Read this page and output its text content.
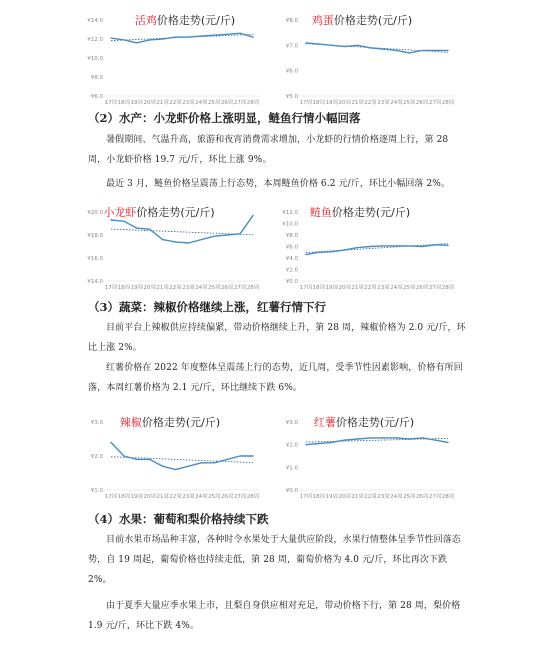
¥6.0
¥8.0
¥10.0
¥12.0
¥14.0
17周 18周 19周 20周 21周 22周 23周 24周 25周 26周 27周 28周
活鸡价格走势(元/斤)
¥5.0
¥6.0
¥7.0
¥8.0
17周 18周 19周 20周 21周 22周 23周 24周 25周 26周 27周 28周
鸡蛋价格走势(元/斤)
（2）水产：小龙虾价格上涨明显，鲢鱼行情小幅回落

暑假期间、气温升高，旅游和夜宵消费需求增加，小龙虾的行情价格逐周上行，第 28 周，小龙虾价格 19.7 元/斤，环比上涨 9%。

最近 3 月，鲢鱼价格呈震荡上行态势，本周鲢鱼价格 6.2 元/斤，环比小幅回落 2%。

¥14.0
¥16.0
¥18.0
¥20.0
17周 18周 19周 20周 21周 22周 23周 24周 25周 26周 27周 28周
小龙虾价格走势(元/斤)
¥0.0
¥2.0
¥4.0
¥6.0
¥8.0
¥10.0
¥12.0
17周 18周 19周 20周 21周 22周 23周 24周 25周 26周 27周 28周
鲢鱼价格走势(元/斤)
（3）蔬菜：辣椒价格继续上涨，红薯行情下行

目前平台上辣椒供应持续偏紧，带动价格继续上升，第 28 周，辣椒价格为 2.0 元/斤，环比上涨 2%。

红薯价格在 2022 年度整体呈震荡上行的态势，近几周，受季节性因素影响，价格有所回落，本周红薯价格为 2.1 元/斤，环比继续下跌 6%。

¥1.0
¥2.0
¥3.0
17周 18周 19周 20周 21周 22周 23周 24周 25周 26周 27周 28周
辣椒价格走势(元/斤)
¥0.0
¥1.0
¥2.0
¥3.0
17周 18周 19周 20周 21周 22周 23周 24周 25周 26周 27周 28周
红薯价格走势(元/斤)
（4）水果：葡萄和梨价格持续下跌

目前水果市场品种丰富，各种时令水果处于大量供应阶段，水果行情整体呈季节性回落态势，自 19 周起，葡萄价格也持续走低，第 28 周，葡萄价格为 4.0 元/斤，环比再次下跌 2%。

由于夏季大量应季水果上市，且梨自身供应相对充足，带动价格下行，第 28 周，梨价格 1.9 元/斤，环比下跌 4%。
